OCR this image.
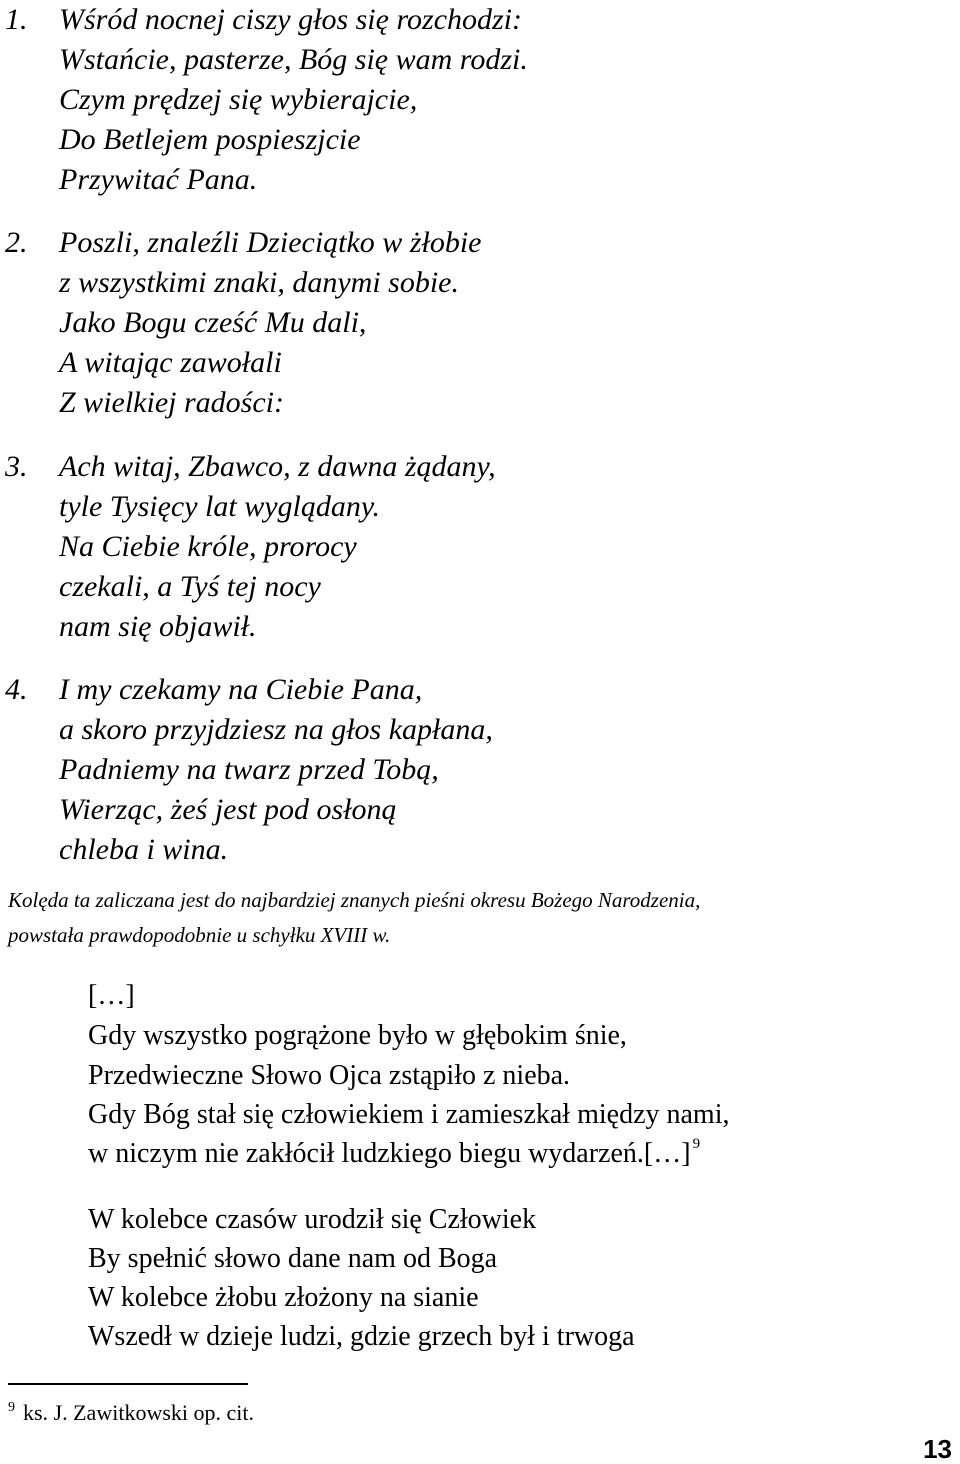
1. Wśród nocnej ciszy głos się rozchodzi:
Wstańcie, pasterze, Bóg się wam rodzi.
Czym prędzej się wybierajcie,
Do Betlejem pospieszjcie
Przywitać Pana.
2. Poszli, znaleźli Dzieciątko w żłobie
z wszystkimi znaki, danymi sobie.
Jako Bogu cześć Mu dali,
A witając zawołali
Z wielkiej radości:
3. Ach witaj, Zbawco, z dawna żądany,
tyle Tysięcy lat wyglądany.
Na Ciebie króle, prorocy
czekali, a Tyś tej nocy
nam się objawił.
4. I my czekamy na Ciebie Pana,
a skoro przyjdziesz na głos kapłana,
Padniemy na twarz przed Tobą,
Wierząc, żeś jest pod osłoną
chleba i wina.
Kolęda ta zaliczana jest do najbardziej znanych pieśni okresu Bożego Narodzenia,
powstała prawdopodobnie u schyłku XVIII w.
[…]
Gdy wszystko pogrążone było w głębokim śnie,
Przedwieczne Słowo Ojca zstąpiło z nieba.
Gdy Bóg stał się człowiekiem i zamieszkał między nami,
w niczym nie zakłócił ludzkiego biegu wydarzeń.[…] $^9$
W kolebce czasów urodził się Człowiek
By spełnić słowo dane nam od Boga
W kolebce żłobu złożony na sianie
Wszedł w dzieje ludzi, gdzie grzech był i trwoga
$^9$ ks. J. Zawitkowski op. cit.
13
